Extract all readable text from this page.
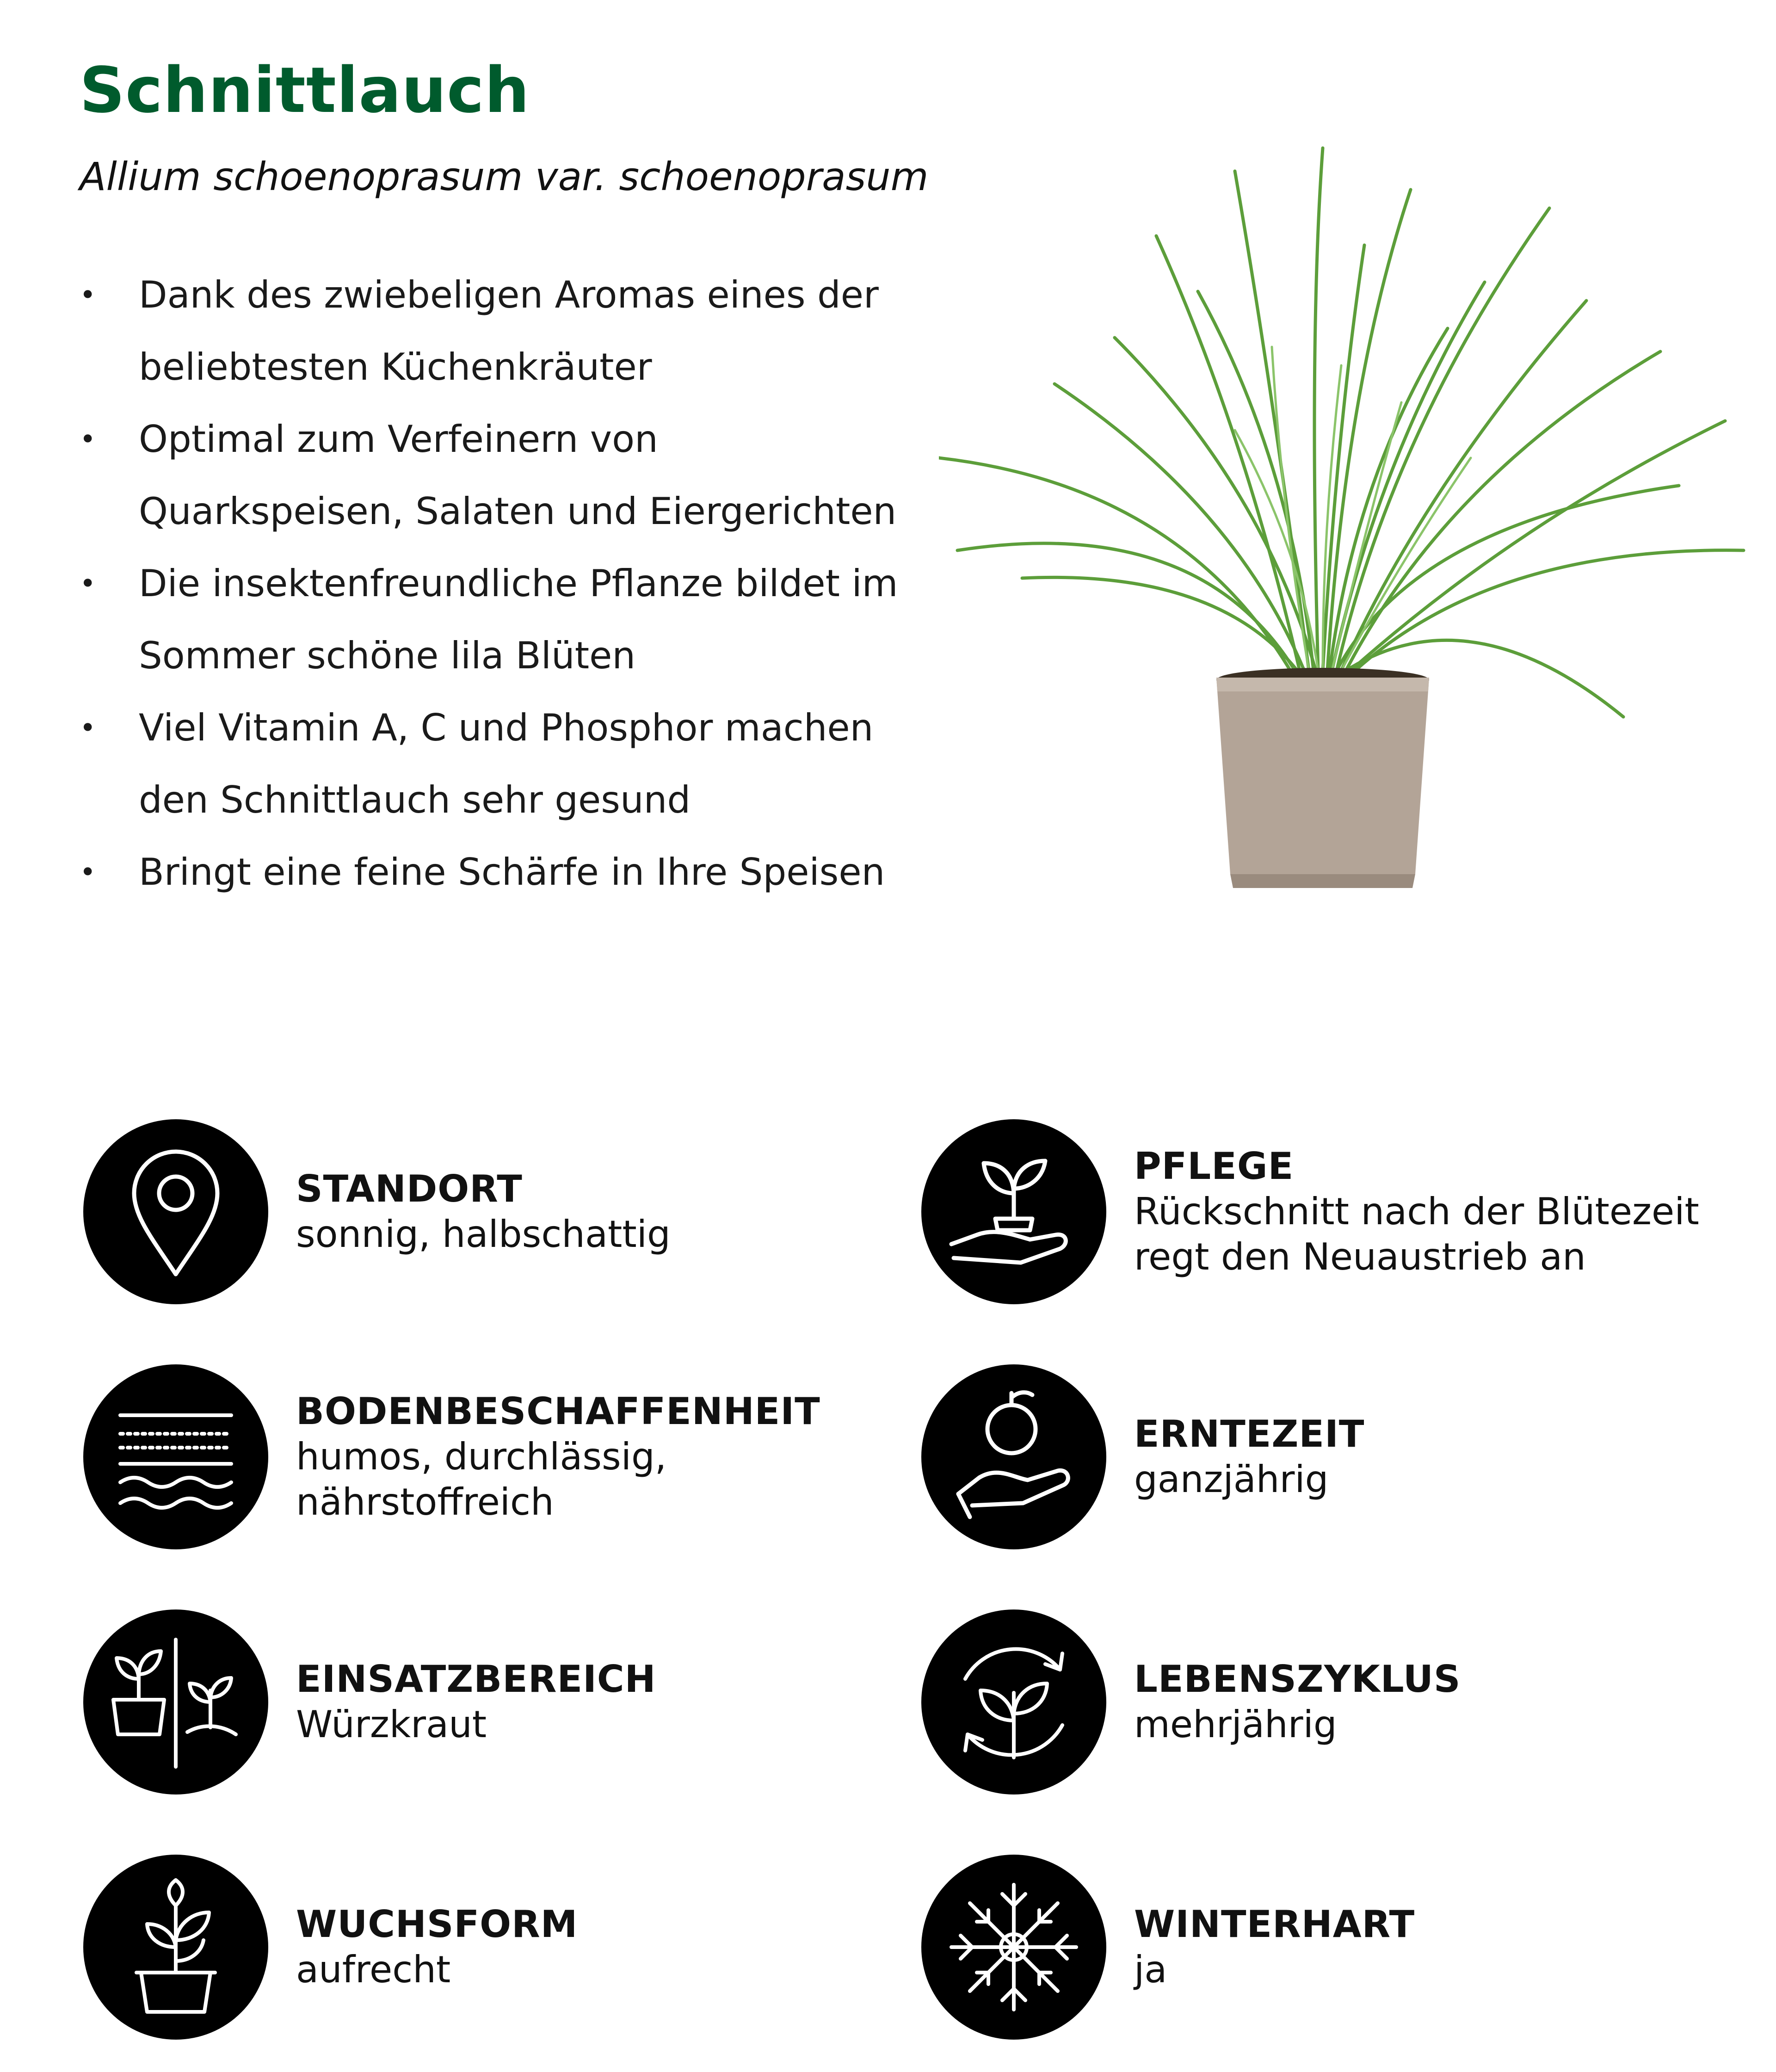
Schnittlauch
Allium schoenoprasum var. schoenoprasum
• Dank des zwiebeligen Aromas eines der beliebtesten Küchenkräuter
• Optimal zum Verfeinern von Quarkspeisen, Salaten und Eiergerichten
• Die insektenfreundliche Pflanze bildet im Sommer schöne lila Blüten
• Viel Vitamin A, C und Phosphor machen den Schnittlauch sehr gesund
• Bringt eine feine Schärfe in Ihre Speisen
STANDORT
sonnig, halbschattig
PFLEGE
Rückschnitt nach der Blütezeit
regt den Neuaustrieb an
BODENBESCHAFFENHEIT
humos, durchlässig,
nährstoffreich
ERNTEZEIT
ganzjährig
EINSATZBEREICH
Würzkraut
LEBENSZYKLUS
mehrjährig
WUCHSFORM
aufrecht
WINTERHART
ja
